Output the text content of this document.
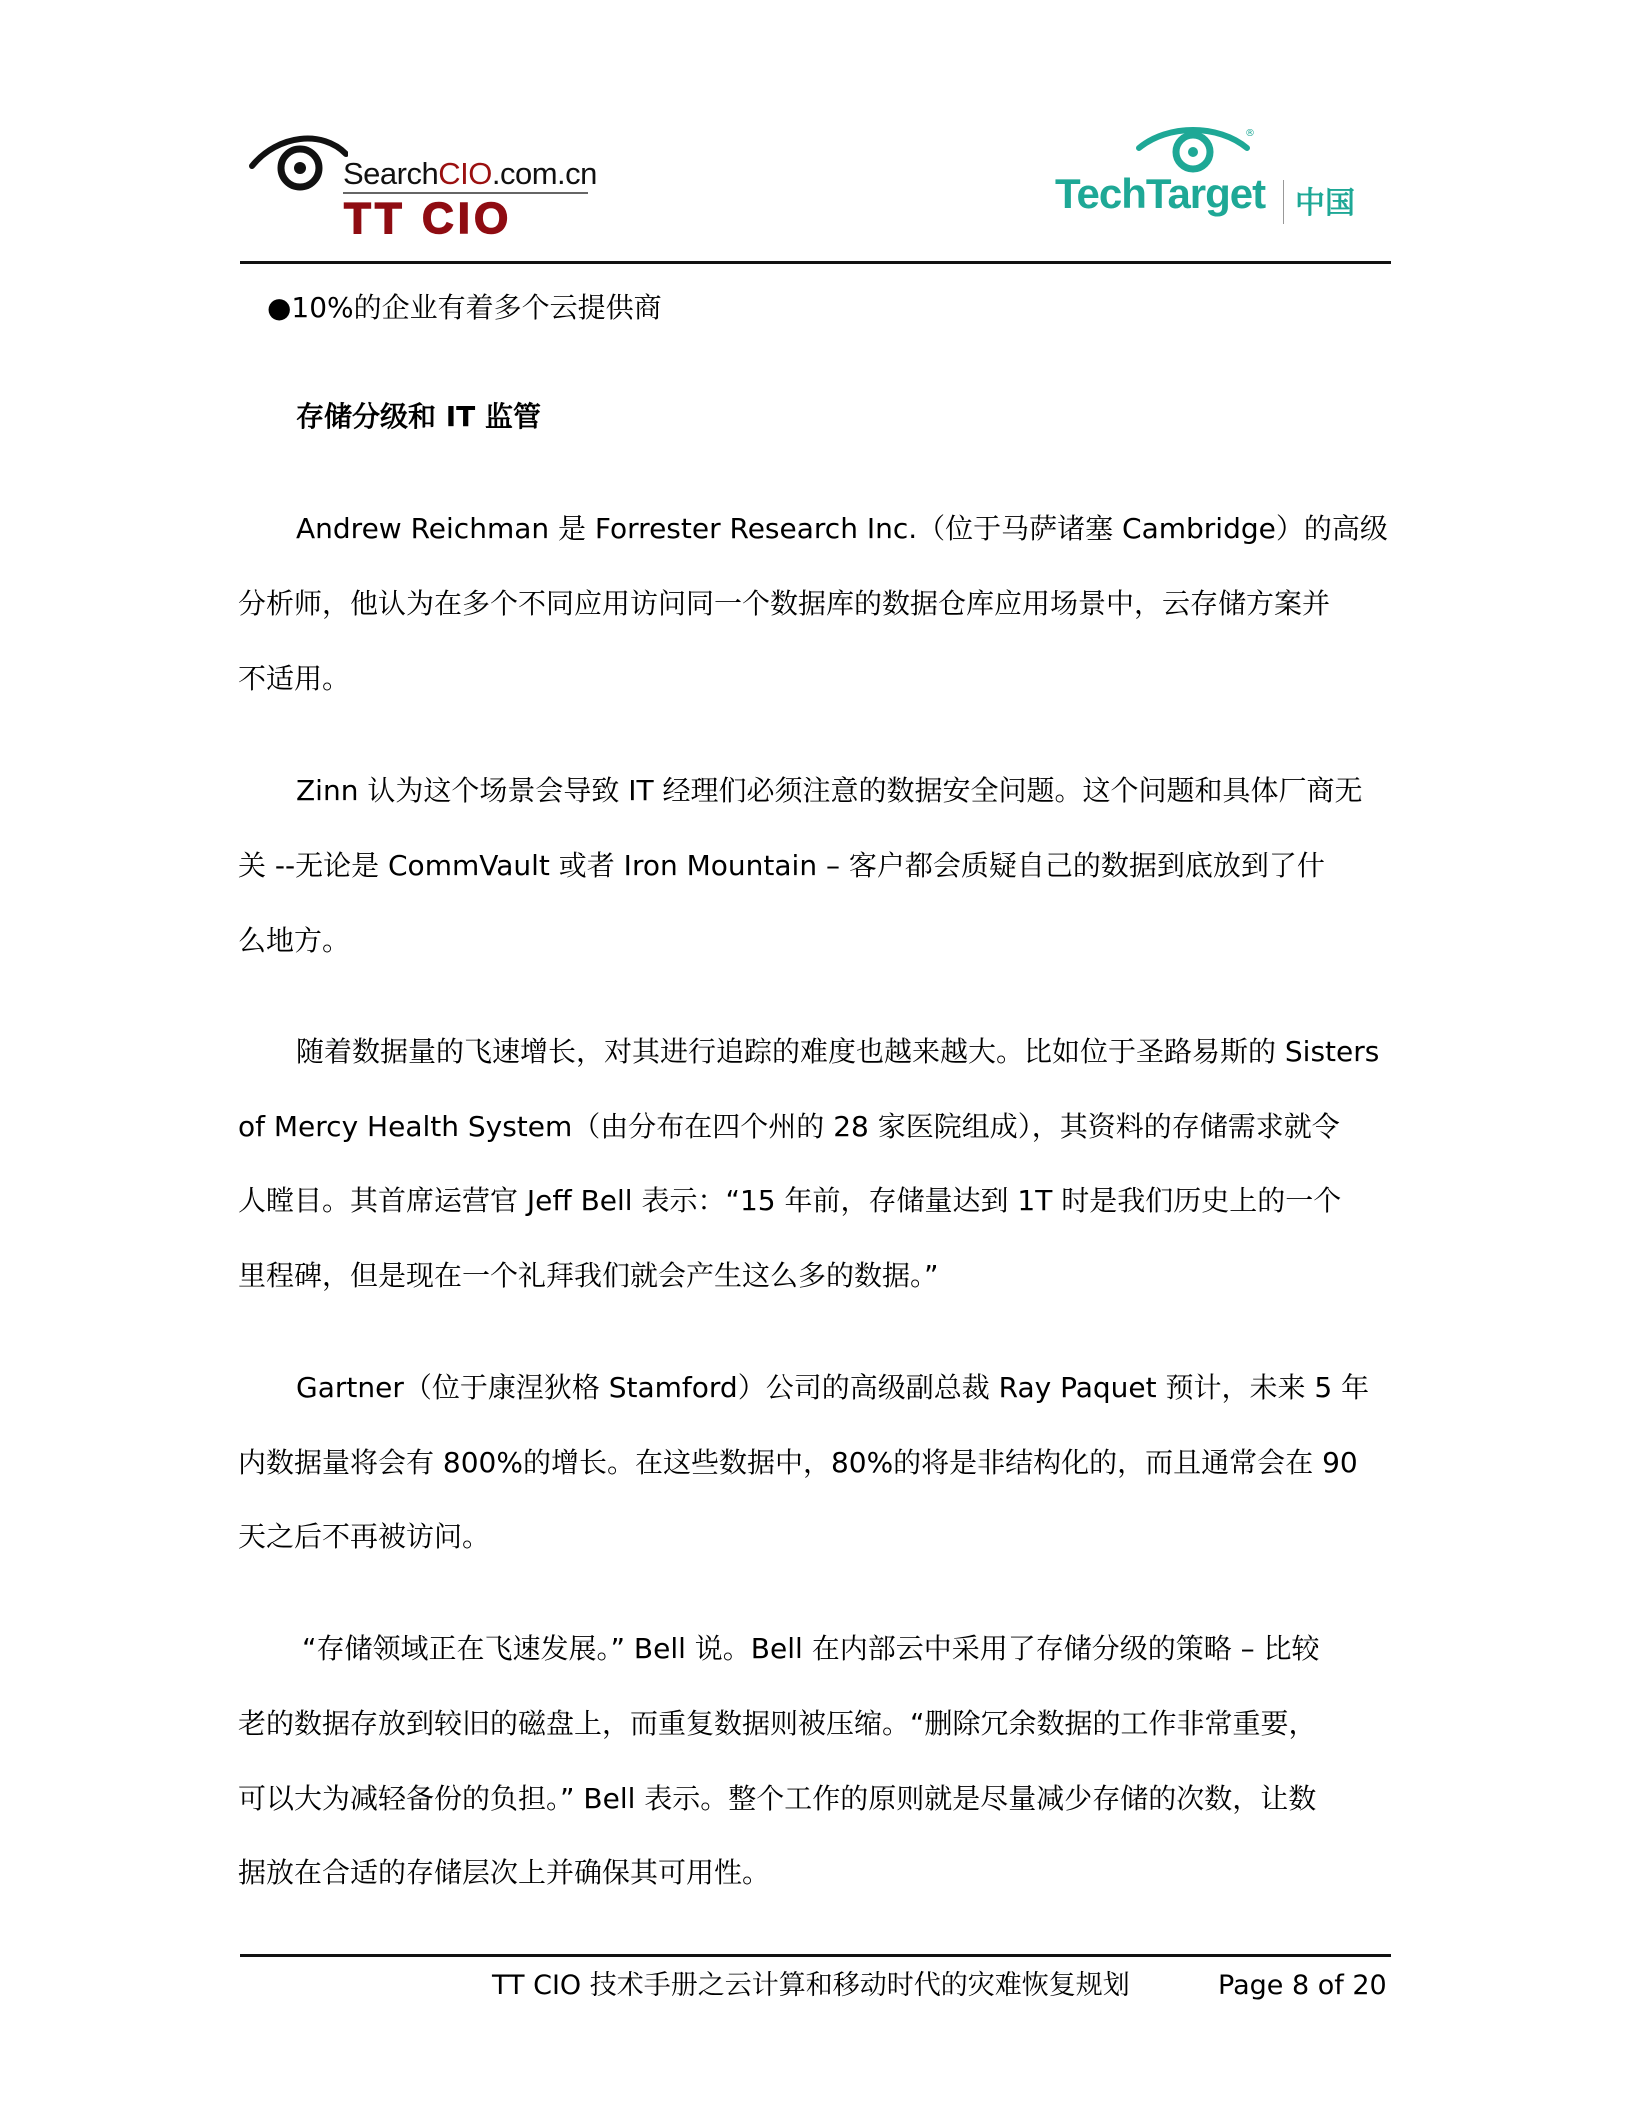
SearchCIO.com.cn
TT CIO
®
TechTarget 中国
●10%的企业有着多个云提供商
存储分级和 IT 监管
Andrew Reichman 是 Forrester Research Inc.（位于马萨诸塞 Cambridge）的高级
分析师，他认为在多个不同应用访问同一个数据库的数据仓库应用场景中，云存储方案并
不适用。
Zinn 认为这个场景会导致 IT 经理们必须注意的数据安全问题。这个问题和具体厂商无
关 --无论是 CommVault 或者 Iron Mountain – 客户都会质疑自己的数据到底放到了什
么地方。
随着数据量的飞速增长，对其进行追踪的难度也越来越大。比如位于圣路易斯的 Sisters
of Mercy Health System（由分布在四个州的 28 家医院组成），其资料的存储需求就令
人瞠目。其首席运营官 Jeff Bell 表示：“15 年前，存储量达到 1T 时是我们历史上的一个
里程碑，但是现在一个礼拜我们就会产生这么多的数据。”
Gartner（位于康涅狄格 Stamford）公司的高级副总裁 Ray Paquet 预计，未来 5 年
内数据量将会有 800%的增长。在这些数据中，80%的将是非结构化的，而且通常会在 90
天之后不再被访问。
“存储领域正在飞速发展。” Bell 说。Bell 在内部云中采用了存储分级的策略 – 比较
老的数据存放到较旧的磁盘上，而重复数据则被压缩。“删除冗余数据的工作非常重要，
可以大为减轻备份的负担。” Bell 表示。整个工作的原则就是尽量减少存储的次数，让数
据放在合适的存储层次上并确保其可用性。
TT CIO 技术手册之云计算和移动时代的灾难恢复规划	Page 8 of 20
